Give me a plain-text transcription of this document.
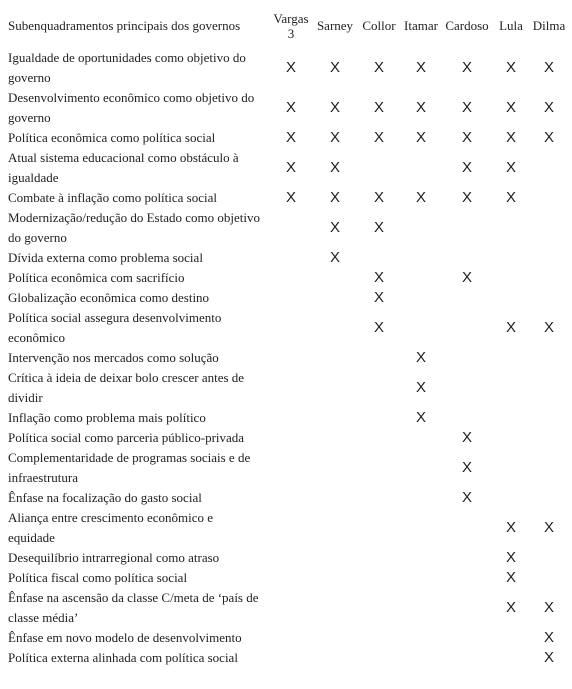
Subenquadramentos principais dos governos	Vargas 3	Sarney	Collor	Itamar	Cardoso	Lula	Dilma
Igualdade de oportunidades como objetivo do governo	X	X	X	X	X	X	X
Desenvolvimento econômico como objetivo do governo	X	X	X	X	X	X	X
Política econômica como política social	X	X	X	X	X	X	X
Atual sistema educacional como obstáculo à igualdade	X	X			X	X	
Combate à inflação como política social	X	X	X	X	X	X	
Modernização/redução do Estado como objetivo do governo		X	X				
Dívida externa como problema social		X					
Política econômica com sacrifício			X		X		
Globalização econômica como destino			X				
Política social assegura desenvolvimento econômico			X			X	X
Intervenção nos mercados como solução				X			
Crítica à ideia de deixar bolo crescer antes de dividir				X			
Inflação como problema mais político				X			
Política social como parceria público-privada					X		
Complementaridade de programas sociais e de infraestrutura					X		
Ênfase na focalização do gasto social					X		
Aliança entre crescimento econômico e equidade						X	X
Desequilíbrio intrarregional como atraso						X	
Política fiscal como política social						X	
Ênfase na ascensão da classe C/meta de ‘país de classe média’						X	X
Ênfase em novo modelo de desenvolvimento							X
Política externa alinhada com política social							X
